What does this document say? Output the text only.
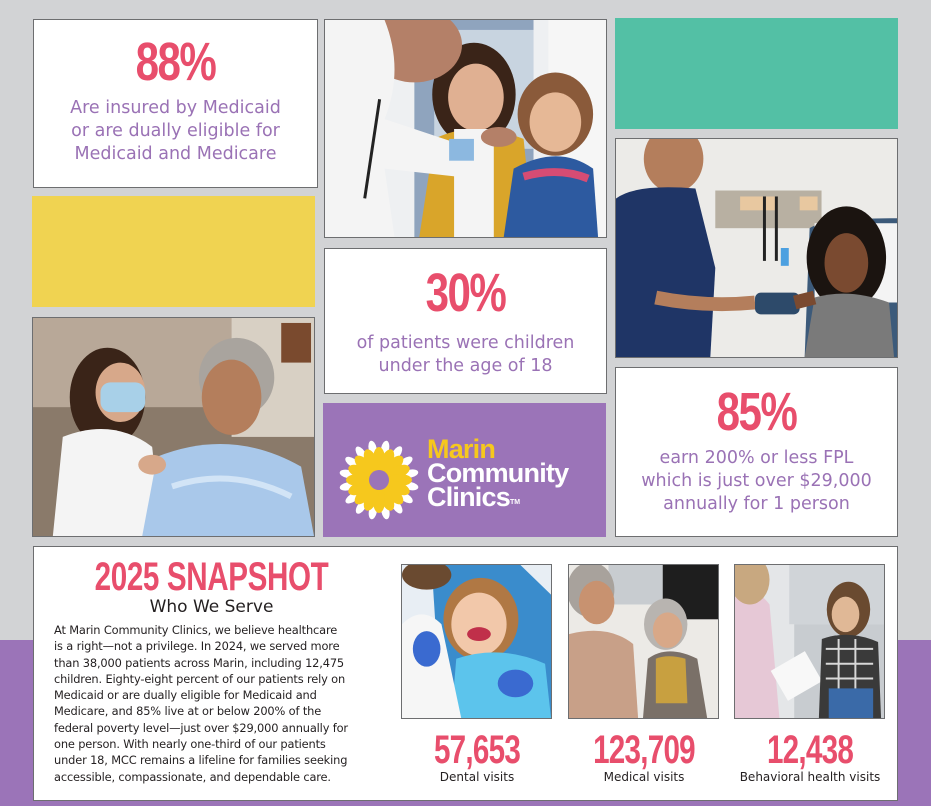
88%
Are insured by Medicaid
or are dually eligible for
Medicaid and Medicare
30%
of patients were children
under the age of 18
Marin
Community
Clinics™
85%
earn 200% or less FPL
which is just over $29,000
annually for 1 person
2025 SNAPSHOT
Who We Serve
At Marin Community Clinics, we believe healthcare
is a right—not a privilege. In 2024, we served more
than 38,000 patients across Marin, including 12,475
children. Eighty-eight percent of our patients rely on
Medicaid or are dually eligible for Medicaid and
Medicare, and 85% live at or below 200% of the
federal poverty level—just over $29,000 annually for
one person. With nearly one-third of our patients
under 18, MCC remains a lifeline for families seeking
accessible, compassionate, and dependable care.
57,653
Dental visits
123,709
Medical visits
12,438
Behavioral health visits
